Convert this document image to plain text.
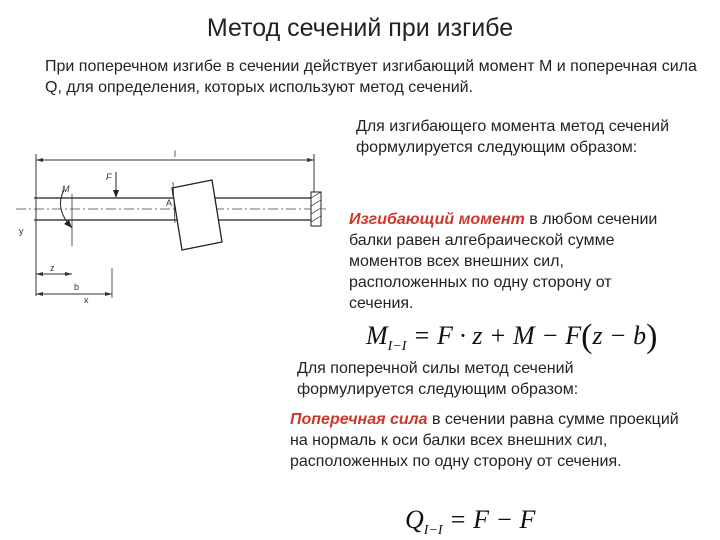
Метод сечений при изгибе
При поперечном изгибе в сечении действует изгибающий момент М и поперечная сила Q, для определения, которых используют метод сечений.
l
A
F
M
y
z
b
x
Для изгибающего момента метод сечений формулируется следующим образом:
Изгибающий момент в любом сечении балки равен алгебраической сумме моментов всех внешних сил, расположенных по одну сторону от сечения.
$M_{I-I} = F \cdot z + M - F(z - b)$
Для поперечной силы метод сечений формулируется следующим образом:
Поперечная сила в сечении равна сумме проекций на нормаль к оси балки всех внешних сил, расположенных по одну сторону от сечения.
$Q_{I-I} = F - F$
